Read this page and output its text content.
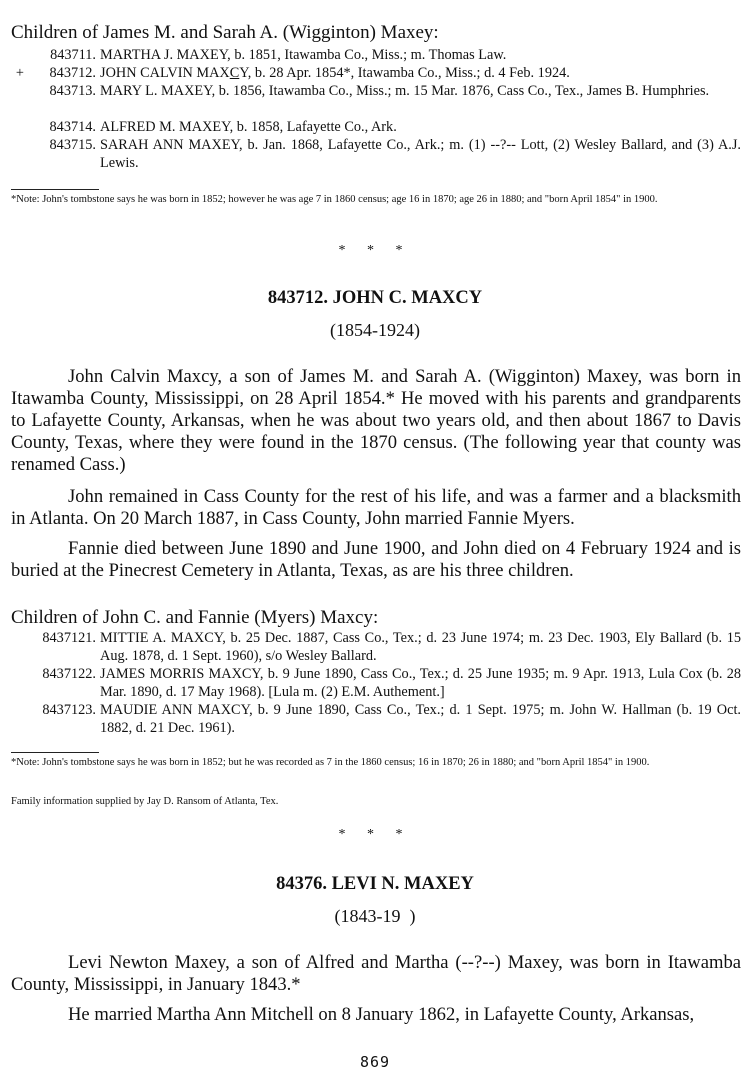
Children of James M. and Sarah A. (Wigginton) Maxey:
843711. MARTHA J. MAXEY, b. 1851, Itawamba Co., Miss.; m. Thomas Law.
+	843712. JOHN CALVIN MAXCY, b. 28 Apr. 1854*, Itawamba Co., Miss.; d. 4 Feb. 1924.
843713. MARY L. MAXEY, b. 1856, Itawamba Co., Miss.; m. 15 Mar. 1876, Cass Co., Tex., James B. Humphries.
843714. ALFRED M. MAXEY, b. 1858, Lafayette Co., Ark.
843715. SARAH ANN MAXEY, b. Jan. 1868, Lafayette Co., Ark.; m. (1) --?-- Lott, (2) Wesley Ballard, and (3) A.J. Lewis.
*Note: John's tombstone says he was born in 1852; however he was age 7 in 1860 census; age 16 in 1870; age 26 in 1880; and "born April 1854" in 1900.
* * *
843712. JOHN C. MAXCY
(1854-1924)
John Calvin Maxcy, a son of James M. and Sarah A. (Wigginton) Maxey, was born in Itawamba County, Mississippi, on 28 April 1854.* He moved with his parents and grandparents to Lafayette County, Arkansas, when he was about two years old, and then about 1867 to Davis County, Texas, where they were found in the 1870 census. (The following year that county was renamed Cass.)
John remained in Cass County for the rest of his life, and was a farmer and a blacksmith in Atlanta. On 20 March 1887, in Cass County, John married Fannie Myers.
Fannie died between June 1890 and June 1900, and John died on 4 February 1924 and is buried at the Pinecrest Cemetery in Atlanta, Texas, as are his three children.
Children of John C. and Fannie (Myers) Maxcy:
8437121. MITTIE A. MAXCY, b. 25 Dec. 1887, Cass Co., Tex.; d. 23 June 1974; m. 23 Dec. 1903, Ely Ballard (b. 15 Aug. 1878, d. 1 Sept. 1960), s/o Wesley Ballard.
8437122. JAMES MORRIS MAXCY, b. 9 June 1890, Cass Co., Tex.; d. 25 June 1935; m. 9 Apr. 1913, Lula Cox (b. 28 Mar. 1890, d. 17 May 1968). [Lula m. (2) E.M. Authement.]
8437123. MAUDIE ANN MAXCY, b. 9 June 1890, Cass Co., Tex.; d. 1 Sept. 1975; m. John W. Hallman (b. 19 Oct. 1882, d. 21 Dec. 1961).
*Note: John's tombstone says he was born in 1852; but he was recorded as 7 in the 1860 census; 16 in 1870; 26 in 1880; and "born April 1854" in 1900.
Family information supplied by Jay D. Ransom of Atlanta, Tex.
* * *
84376. LEVI N. MAXEY
(1843-19  )
Levi Newton Maxey, a son of Alfred and Martha (--?--) Maxey, was born in Itawamba County, Mississippi, in January 1843.*
He married Martha Ann Mitchell on 8 January 1862, in Lafayette County, Arkansas,
869
